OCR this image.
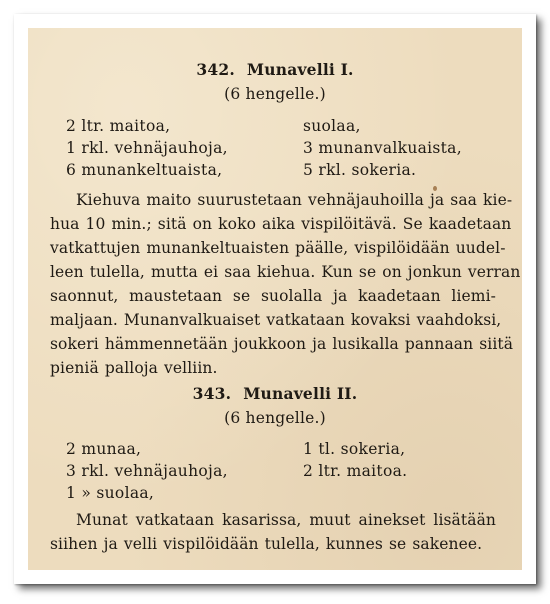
342. Munavelli I.
(6 hengelle.)
2 ltr. maitoa,
1 rkl. vehnäjauhoja,
6 munankeltuaista,
suolaa,
3 munanvalkuaista,
5 rkl. sokeria.
Kiehuva maito suurustetaan vehnäjauhoilla ja saa kie-
hua 10 min.; sitä on koko aika vispilöitävä. Se kaadetaan
vatkattujen munankeltuaisten päälle, vispilöidään uudel-
leen tulella, mutta ei saa kiehua. Kun se on jonkun verran
saonnut, maustetaan se suolalla ja kaadetaan liemi-
maljaan. Munanvalkuaiset vatkataan kovaksi vaahdoksi,
sokeri hämmennetään joukkoon ja lusikalla pannaan siitä
pieniä palloja velliin.
343. Munavelli II.
(6 hengelle.)
2 munaa,
3 rkl. vehnäjauhoja,
1 » suolaa,
1 tl. sokeria,
2 ltr. maitoa.
Munat vatkataan kasarissa, muut ainekset lisätään
siihen ja velli vispilöidään tulella, kunnes se sakenee.
